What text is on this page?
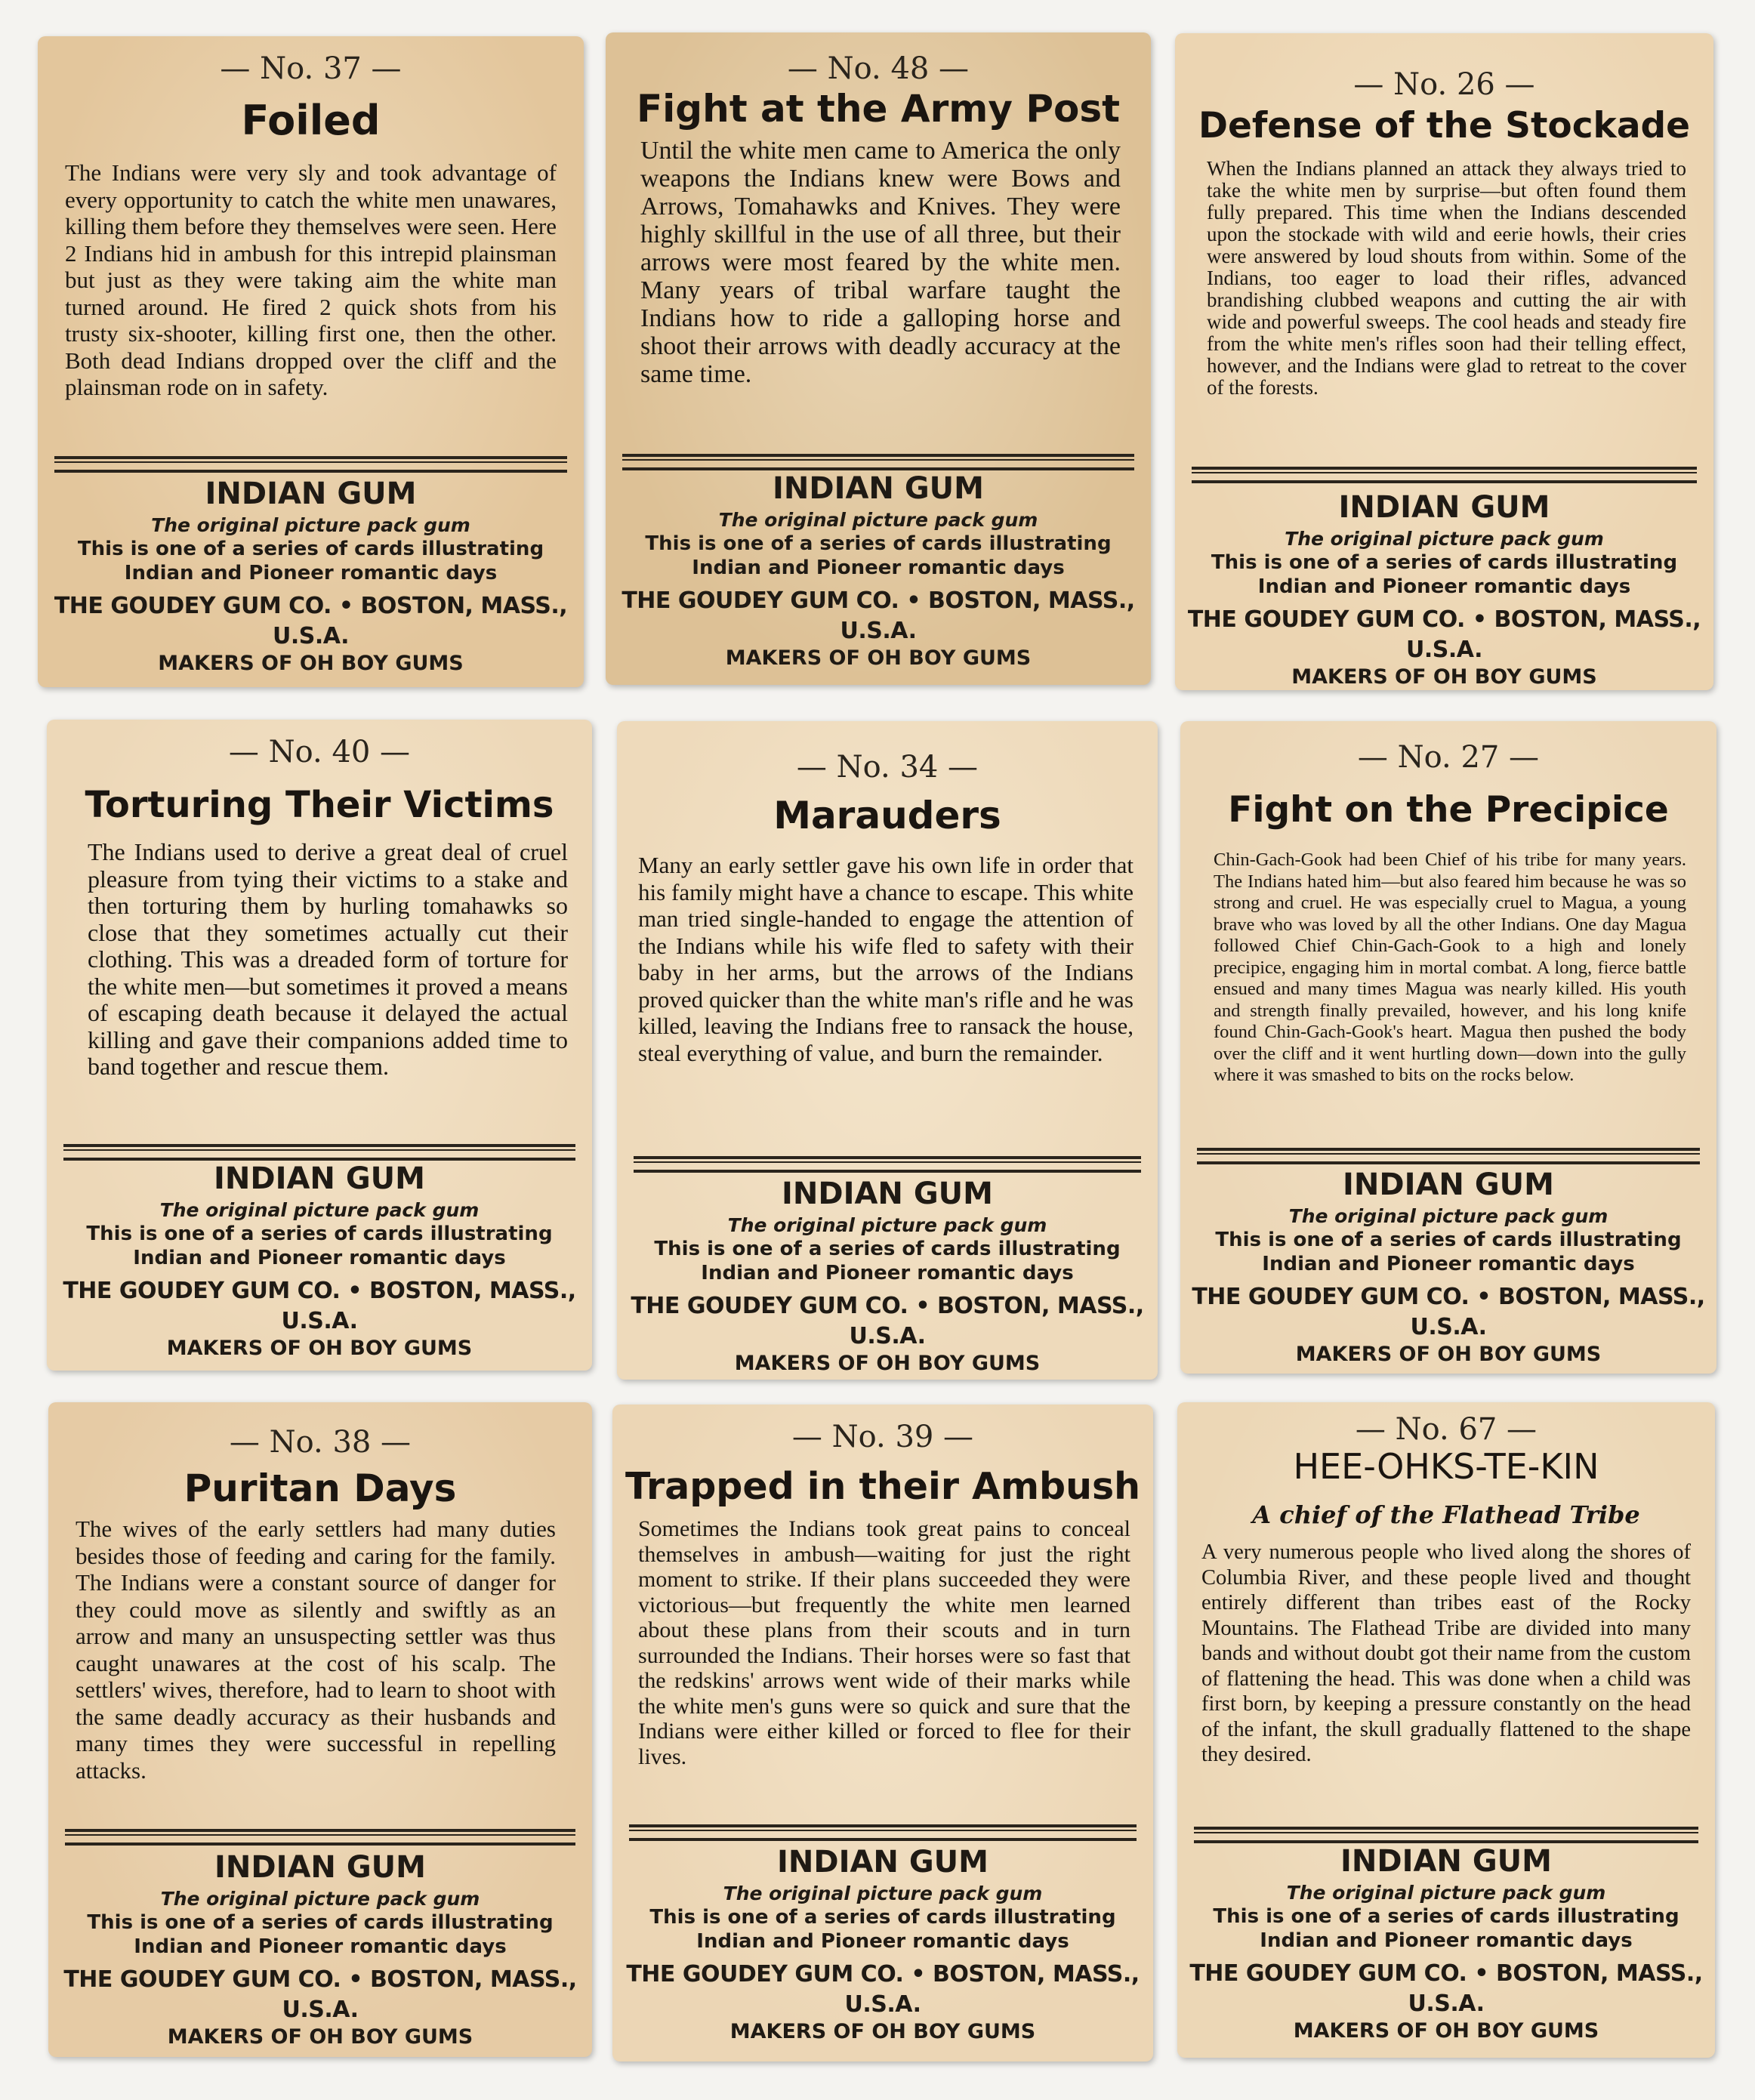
— No. 37 —
Foiled
The Indians were very sly and took advantage of every opportunity to catch the white men unawares, killing them before they themselves were seen. Here 2 Indians hid in ambush for this intrepid plainsman but just as they were taking aim the white man turned around. He fired 2 quick shots from his trusty six-shooter, killing first one, then the other. Both dead Indians dropped over the cliff and the plainsman rode on in safety.
INDIAN GUM
The original picture pack gum
This is one of a series of cards illustrating
Indian and Pioneer romantic days
THE GOUDEY GUM CO. • BOSTON, MASS., U.S.A.
MAKERS OF OH BOY GUMS
— No. 48 —
Fight at the Army Post
Until the white men came to America the only weapons the Indians knew were Bows and Arrows, Tomahawks and Knives. They were highly skillful in the use of all three, but their arrows were most feared by the white men. Many years of tribal warfare taught the Indians how to ride a galloping horse and shoot their arrows with deadly accuracy at the same time.
INDIAN GUM
The original picture pack gum
This is one of a series of cards illustrating
Indian and Pioneer romantic days
THE GOUDEY GUM CO. • BOSTON, MASS., U.S.A.
MAKERS OF OH BOY GUMS
— No. 26 —
Defense of the Stockade
When the Indians planned an attack they always tried to take the white men by surprise—but often found them fully prepared. This time when the Indians descended upon the stockade with wild and eerie howls, their cries were answered by loud shouts from within. Some of the Indians, too eager to load their rifles, advanced brandishing clubbed weapons and cutting the air with wide and powerful sweeps. The cool heads and steady fire from the white men's rifles soon had their telling effect, however, and the Indians were glad to retreat to the cover of the forests.
INDIAN GUM
The original picture pack gum
This is one of a series of cards illustrating
Indian and Pioneer romantic days
THE GOUDEY GUM CO. • BOSTON, MASS., U.S.A.
MAKERS OF OH BOY GUMS
— No. 40 —
Torturing Their Victims
The Indians used to derive a great deal of cruel pleasure from tying their victims to a stake and then torturing them by hurling tomahawks so close that they sometimes actually cut their clothing. This was a dreaded form of torture for the white men—but sometimes it proved a means of escaping death because it delayed the actual killing and gave their companions added time to band together and rescue them.
INDIAN GUM
The original picture pack gum
This is one of a series of cards illustrating
Indian and Pioneer romantic days
THE GOUDEY GUM CO. • BOSTON, MASS., U.S.A.
MAKERS OF OH BOY GUMS
— No. 34 —
Marauders
Many an early settler gave his own life in order that his family might have a chance to escape. This white man tried single-handed to engage the attention of the Indians while his wife fled to safety with their baby in her arms, but the arrows of the Indians proved quicker than the white man's rifle and he was killed, leaving the Indians free to ransack the house, steal everything of value, and burn the remainder.
INDIAN GUM
The original picture pack gum
This is one of a series of cards illustrating
Indian and Pioneer romantic days
THE GOUDEY GUM CO. • BOSTON, MASS., U.S.A.
MAKERS OF OH BOY GUMS
— No. 27 —
Fight on the Precipice
Chin-Gach-Gook had been Chief of his tribe for many years. The Indians hated him—but also feared him because he was so strong and cruel. He was especially cruel to Magua, a young brave who was loved by all the other Indians. One day Magua followed Chief Chin-Gach-Gook to a high and lonely precipice, engaging him in mortal combat. A long, fierce battle ensued and many times Magua was nearly killed. His youth and strength finally prevailed, however, and his long knife found Chin-Gach-Gook's heart. Magua then pushed the body over the cliff and it went hurtling down—down into the gully where it was smashed to bits on the rocks below.
INDIAN GUM
The original picture pack gum
This is one of a series of cards illustrating
Indian and Pioneer romantic days
THE GOUDEY GUM CO. • BOSTON, MASS., U.S.A.
MAKERS OF OH BOY GUMS
— No. 38 —
Puritan Days
The wives of the early settlers had many duties besides those of feeding and caring for the family. The Indians were a constant source of danger for they could move as silently and swiftly as an arrow and many an unsuspecting settler was thus caught unawares at the cost of his scalp. The settlers' wives, therefore, had to learn to shoot with the same deadly accuracy as their husbands and many times they were successful in repelling attacks.
INDIAN GUM
The original picture pack gum
This is one of a series of cards illustrating
Indian and Pioneer romantic days
THE GOUDEY GUM CO. • BOSTON, MASS., U.S.A.
MAKERS OF OH BOY GUMS
— No. 39 —
Trapped in their Ambush
Sometimes the Indians took great pains to conceal themselves in ambush—waiting for just the right moment to strike. If their plans succeeded they were victorious—but frequently the white men learned about these plans from their scouts and in turn surrounded the Indians. Their horses were so fast that the redskins' arrows went wide of their marks while the white men's guns were so quick and sure that the Indians were either killed or forced to flee for their lives.
INDIAN GUM
The original picture pack gum
This is one of a series of cards illustrating
Indian and Pioneer romantic days
THE GOUDEY GUM CO. • BOSTON, MASS., U.S.A.
MAKERS OF OH BOY GUMS
— No. 67 —
HEE-OHKS-TE-KIN
A chief of the Flathead Tribe
A very numerous people who lived along the shores of Columbia River, and these people lived and thought entirely different than tribes east of the Rocky Mountains. The Flathead Tribe are divided into many bands and without doubt got their name from the custom of flattening the head. This was done when a child was first born, by keeping a pressure constantly on the head of the infant, the skull gradually flattened to the shape they desired.
INDIAN GUM
The original picture pack gum
This is one of a series of cards illustrating
Indian and Pioneer romantic days
THE GOUDEY GUM CO. • BOSTON, MASS., U.S.A.
MAKERS OF OH BOY GUMS
